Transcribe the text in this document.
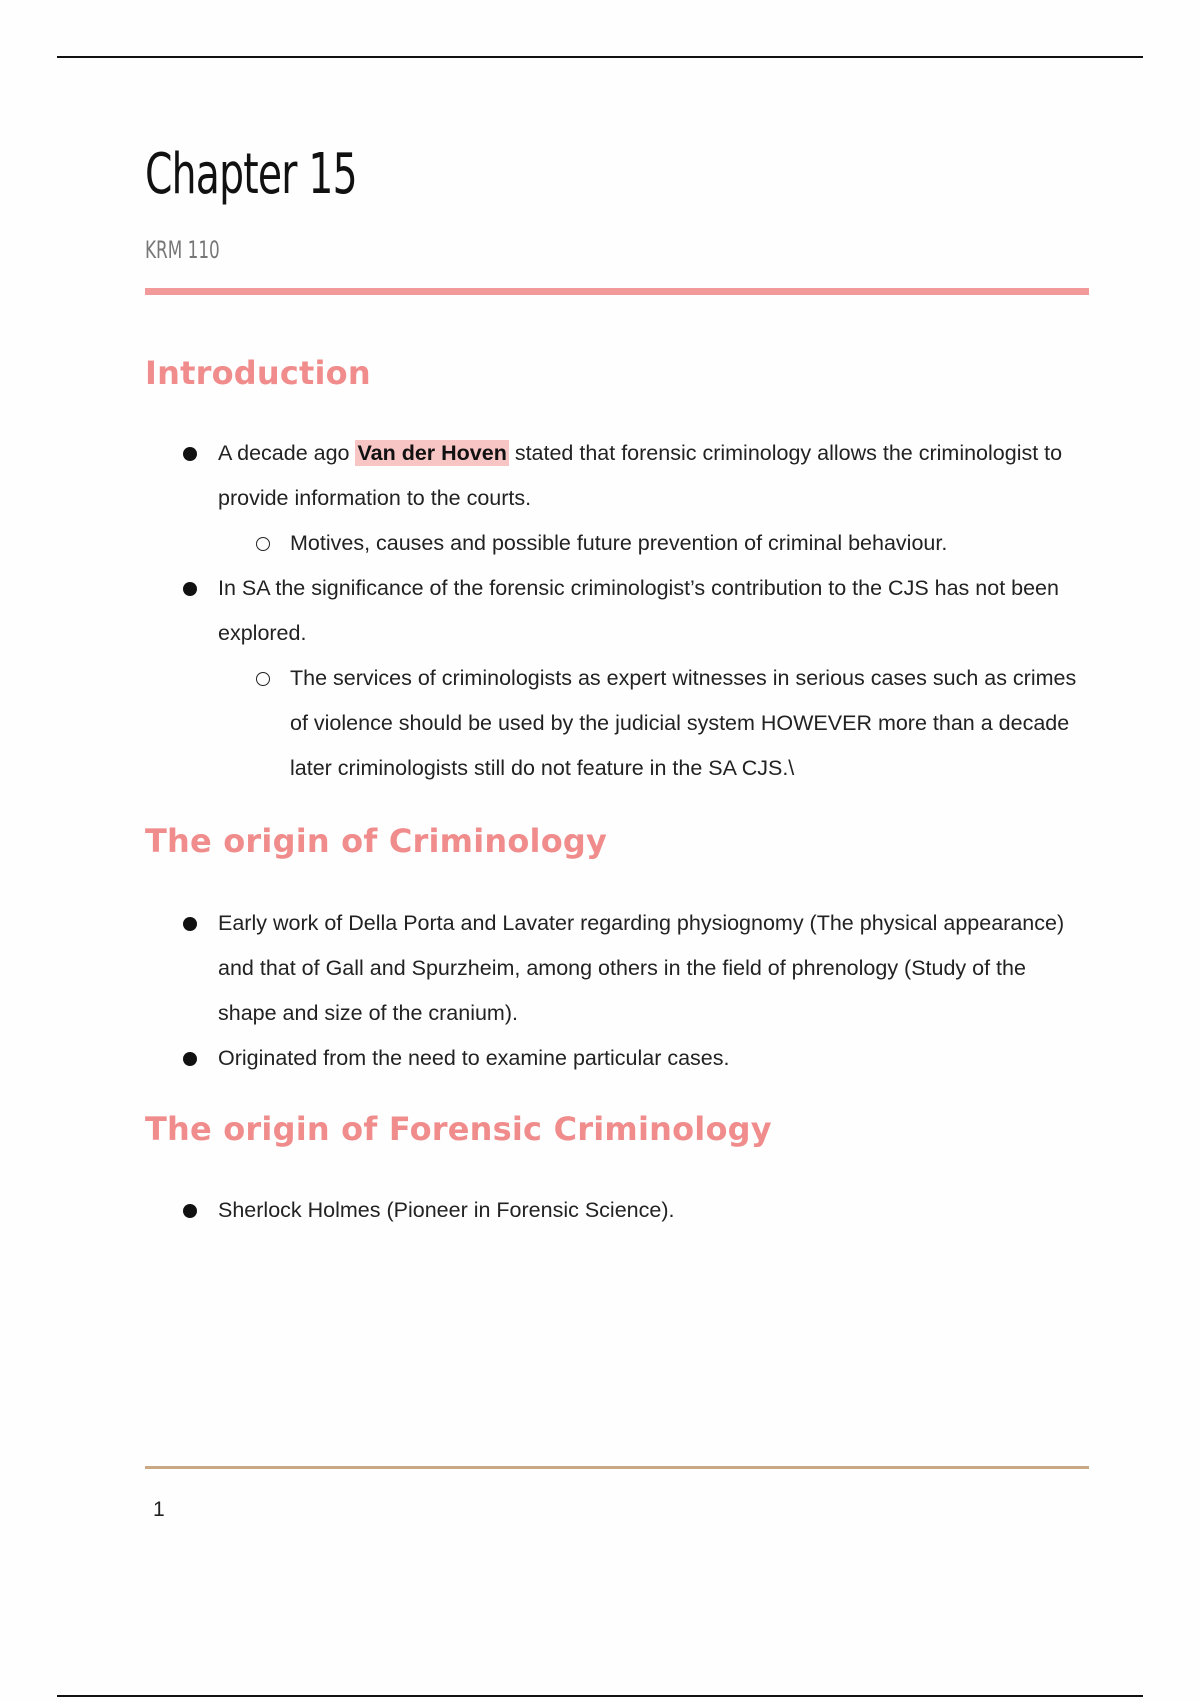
Chapter 15
KRM 110
Introduction
A decade ago Van der Hoven stated that forensic criminology allows the criminologist to provide information to the courts.
Motives, causes and possible future prevention of criminal behaviour.
In SA the significance of the forensic criminologist’s contribution to the CJS has not been explored.
The services of criminologists as expert witnesses in serious cases such as crimes of violence should be used by the judicial system HOWEVER more than a decade later criminologists still do not feature in the SA CJS.\
The origin of Criminology
Early work of Della Porta and Lavater regarding physiognomy (The physical appearance) and that of Gall and Spurzheim, among others in the field of phrenology (Study of the shape and size of the cranium).
Originated from the need to examine particular cases.
The origin of Forensic Criminology
Sherlock Holmes (Pioneer in Forensic Science).
1
